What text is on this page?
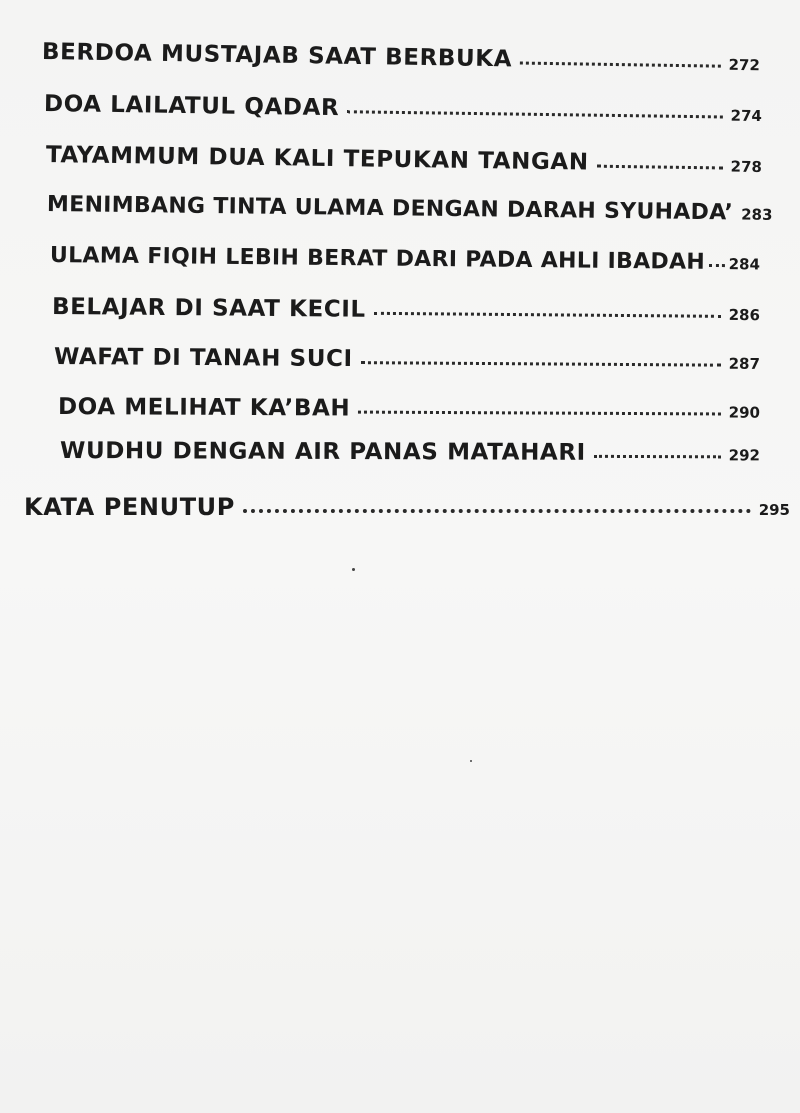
BERDOA MUSTAJAB SAAT BERBUKA	272
DOA LAILATUL QADAR	274
TAYAMMUM DUA KALI TEPUKAN TANGAN	278
MENIMBANG TINTA ULAMA DENGAN DARAH SYUHADA’ 283
ULAMA FIQIH LEBIH BERAT DARI PADA AHLI IBADAH 284
BELAJAR DI SAAT KECIL	286
WAFAT DI TANAH SUCI	287
DOA MELIHAT KA’BAH	290
WUDHU DENGAN AIR PANAS MATAHARI	292
KATA PENUTUP	295
